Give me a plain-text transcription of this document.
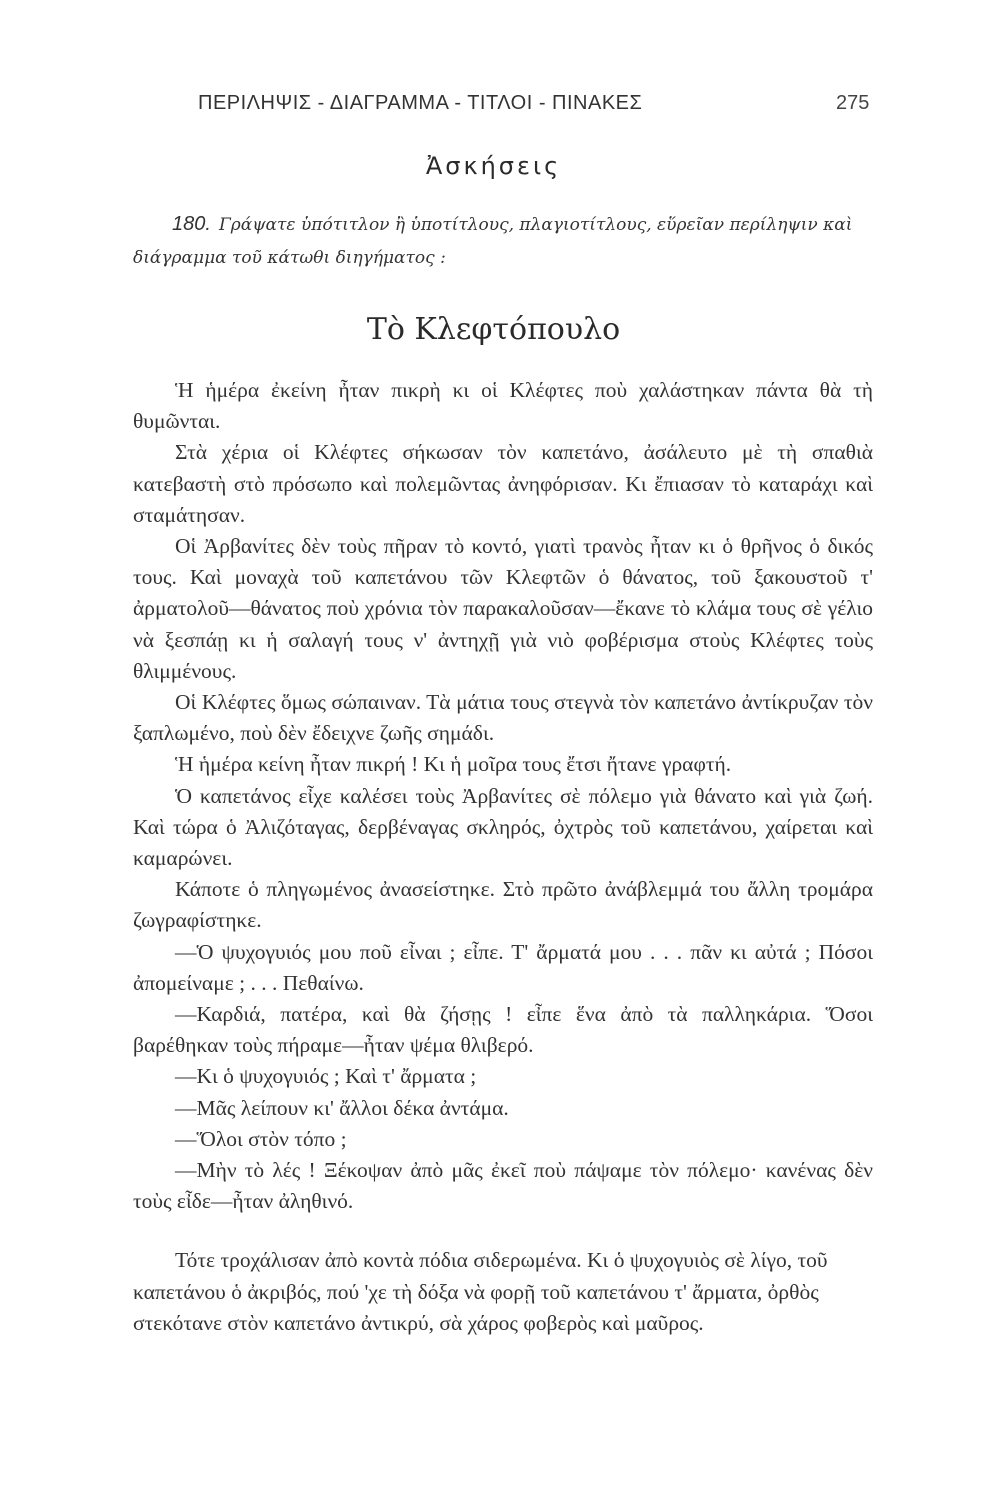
ΠΕΡΙΛΗΨΙΣ - ΔΙΑΓΡΑΜΜΑ - ΤΙΤΛΟΙ - ΠΙΝΑΚΕΣ	275
Ἀσκήσεις
180. Γράψατε ὑπότιτλον ἢ ὑποτίτλους, πλαγιοτίτλους, εὕρεῖαν περίληψιν καὶ διάγραμμα τοῦ κάτωθι διηγήματος :
Τὸ Κλεφτόπουλο

Ἡ ἡμέρα ἐκείνη ἦταν πικρὴ κι οἱ Κλέφτες ποὺ χαλάστηκαν πάντα θὰ τὴ θυμῶνται.

Στὰ χέρια οἱ Κλέφτες σήκωσαν τὸν καπετάνο, ἀσάλευτο μὲ τὴ σπαθιὰ κατεβαστὴ στὸ πρόσωπο καὶ πολεμῶντας ἀνηφόρισαν. Κι ἔπιασαν τὸ καταράχι καὶ σταμάτησαν.

Οἱ Ἀρβανίτες δὲν τοὺς πῆραν τὸ κοντό, γιατὶ τρανὸς ἦταν κι ὁ θρῆνος ὁ δικός τους. Καὶ μοναχὰ τοῦ καπετάνου τῶν Κλεφτῶν ὁ θάνατος, τοῦ ξακουστοῦ τ' ἀρματολοῦ—θάνατος ποὺ χρόνια τὸν παρακαλοῦσαν—ἔκανε τὸ κλάμα τους σὲ γέλιο νὰ ξεσπάῃ κι ἡ σαλαγή τους ν' ἀντηχῇ γιὰ νιὸ φοβέρισμα στοὺς Κλέφτες τοὺς θλιμμένους.

Οἱ Κλέφτες ὅμως σώπαιναν. Τὰ μάτια τους στεγνὰ τὸν καπετάνο ἀντίκρυζαν τὸν ξαπλωμένο, ποὺ δὲν ἔδειχνε ζωῆς σημάδι.

Ἡ ἡμέρα κείνη ἦταν πικρή ! Κι ἡ μοῖρα τους ἔτσι ἤτανε γραφτή.

Ὁ καπετάνος εἶχε καλέσει τοὺς Ἀρβανίτες σὲ πόλεμο γιὰ θάνατο καὶ γιὰ ζωή. Καὶ τώρα ὁ Ἀλιζόταγας, δερβέναγας σκληρός, ὀχτρὸς τοῦ καπετάνου, χαίρεται καὶ καμαρώνει.

Κάποτε ὁ πληγωμένος ἀνασείστηκε. Στὸ πρῶτο ἀνάβλεμμά του ἄλλη τρομάρα ζωγραφίστηκε.

—Ὁ ψυχογυιός μου ποῦ εἶναι ; εἶπε. Τ' ἄρματά μου . . . πᾶν κι αὐτά ; Πόσοι ἀπομείναμε ; . . . Πεθαίνω.

—Καρδιά, πατέρα, καὶ θὰ ζήσῃς ! εἶπε ἕνα ἀπὸ τὰ παλληκάρια. Ὅσοι βαρέθηκαν τοὺς πήραμε—ἦταν ψέμα θλιβερό.

—Κι ὁ ψυχογυιός ; Καὶ τ' ἄρματα ;

—Μᾶς λείπουν κι' ἄλλοι δέκα ἀντάμα.

—Ὅλοι στὸν τόπο ;

—Μὴν τὸ λές ! Ξέκοψαν ἀπὸ μᾶς ἐκεῖ ποὺ πάψαμε τὸν πόλεμο· κανένας δὲν τοὺς εἶδε—ἦταν ἀληθινό.

Τότε τροχάλισαν ἀπὸ κοντὰ πόδια σιδερωμένα. Κι ὁ ψυχογυιὸς σὲ λίγο, τοῦ καπετάνου ὁ ἀκριβός, πού 'χε τὴ δόξα νὰ φορῇ τοῦ καπετάνου τ' ἄρματα, ὀρθὸς στεκότανε στὸν καπετάνο ἀντικρύ, σὰ χάρος φοβερὸς καὶ μαῦρος.
